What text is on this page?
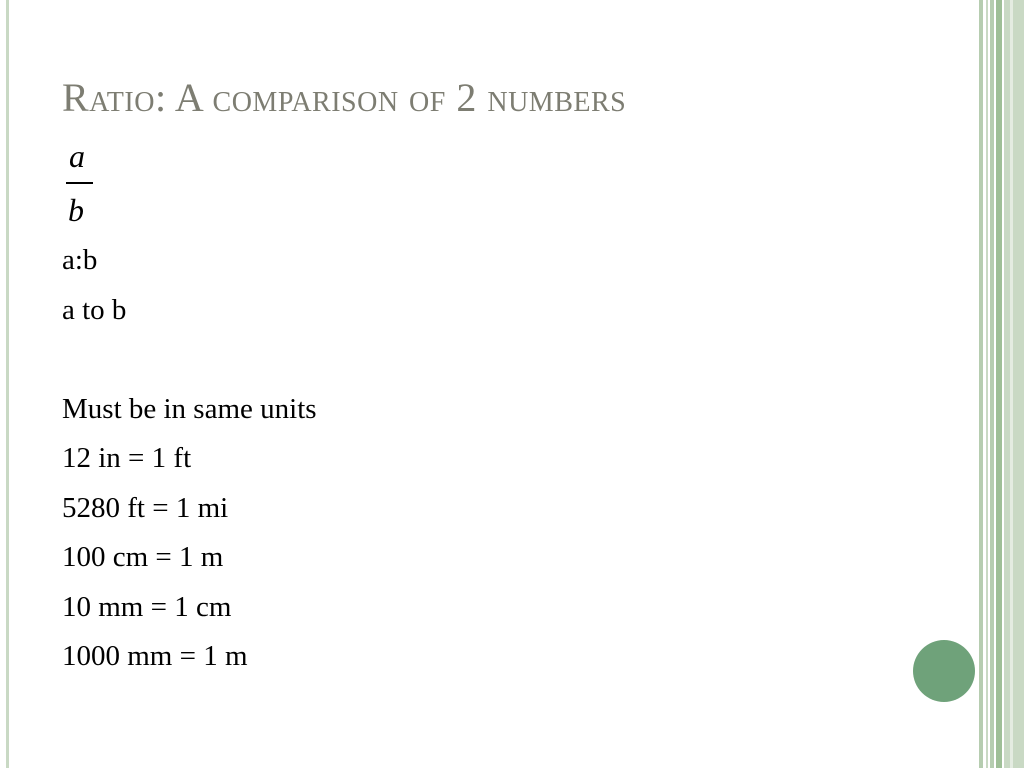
Ratio: A comparison of 2 numbers
a
b
a:b
a to b
Must be in same units
12 in = 1 ft
5280 ft = 1 mi
100 cm = 1 m
10 mm = 1 cm
1000 mm = 1 m
